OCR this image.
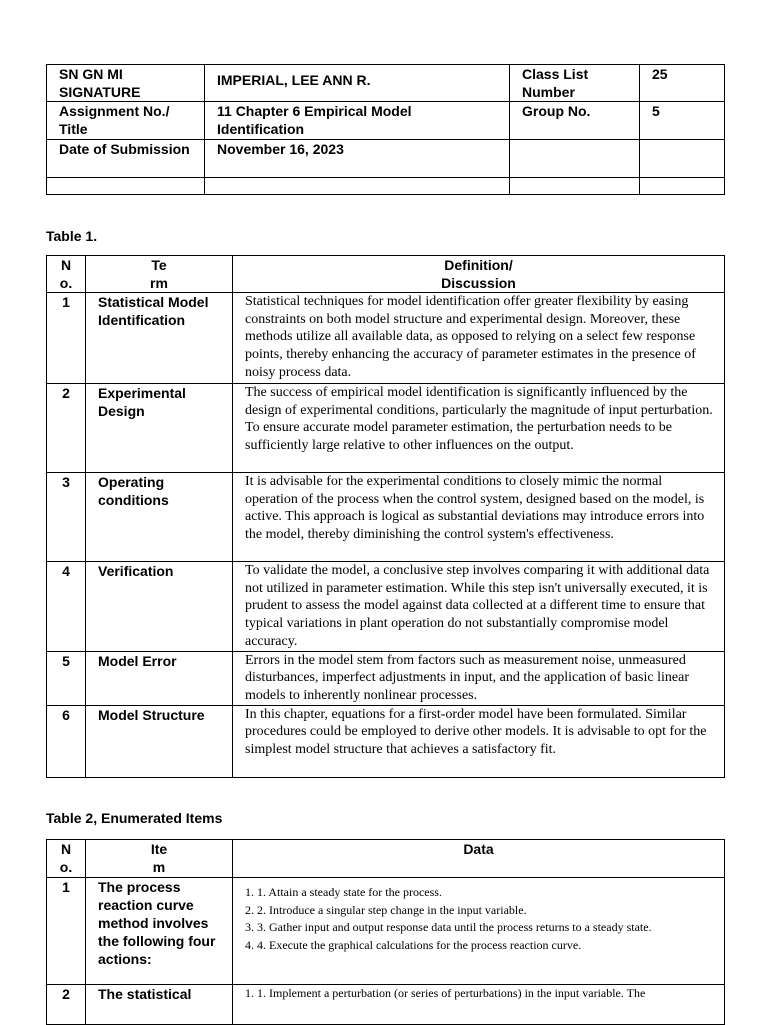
SN GN MI SIGNATURE	IMPERIAL, LEE ANN R.	Class List Number	25
Assignment No./ Title	11 Chapter 6 Empirical Model Identification	Group No.	5
Date of Submission	November 16, 2023		

Table 1.
N o.	Te rm	Definition/ Discussion

1	Statistical Model Identification	Statistical techniques for model identification offer greater flexibility by easing constraints on both model structure and experimental design. Moreover, these methods utilize all available data, as opposed to relying on a select few response points, thereby enhancing the accuracy of parameter estimates in the presence of noisy process data.
2	Experimental Design	The success of empirical model identification is significantly influenced by the design of experimental conditions, particularly the magnitude of input perturbation. To ensure accurate model parameter estimation, the perturbation needs to be sufficiently large relative to other influences on the output.
3	Operating conditions	It is advisable for the experimental conditions to closely mimic the normal operation of the process when the control system, designed based on the model, is active. This approach is logical as substantial deviations may introduce errors into the model, thereby diminishing the control system's effectiveness.
4	Verification	To validate the model, a conclusive step involves comparing it with additional data not utilized in parameter estimation. While this step isn't universally executed, it is prudent to assess the model against data collected at a different time to ensure that typical variations in plant operation do not substantially compromise model accuracy.
5	Model Error	Errors in the model stem from factors such as measurement noise, unmeasured disturbances, imperfect adjustments in input, and the application of basic linear models to inherently nonlinear processes.
6	Model Structure	In this chapter, equations for a first-order model have been formulated. Similar procedures could be employed to derive other models. It is advisable to opt for the simplest model structure that achieves a satisfactory fit.
Table 2, Enumerated Items
N o.	Ite m	Data
1	The process reaction curve method involves the following four actions:	1. 1. Attain a steady state for the process.
2. 2. Introduce a singular step change in the input variable.
3. 3. Gather input and output response data until the process returns to a steady state.
4. 4. Execute the graphical calculations for the process reaction curve.

2	The statistical	1. 1. Implement a perturbation (or series of perturbations) in the input variable. The
